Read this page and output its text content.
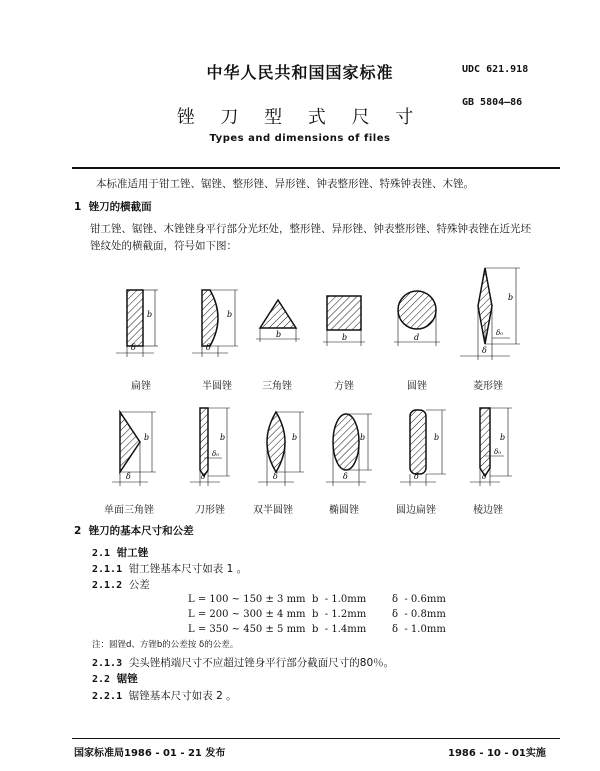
中华人民共和国国家标准	UDC 621.918
GB 5804—86
锉 刀 型 式 尺 寸
Types and dimensions of files
本标准适用于钳工锉、锯锉、整形锉、异形锉、钟表整形锉、特殊钟表锉、木锉。
1 锉刀的横截面
钳工锉、锯锉、木锉锉身平行部分光坯处，整形锉、异形锉、钟表整形锉、特殊钟表锉在近光坯
锉纹处的横截面，符号如下图：
b
δ
b
δ
b	b	d
b
δ
δ₀
扁锉	半圆锉	三角锉	方锉	圆锉	菱形锉
b
δ
b
δ
δ₀
b
δ
b
δ
b
δ
b
δ
δ₀
单面三角锉	刀形锉	双半圆锉	椭圆锉	圆边扁锉	棱边锉
2 锉刀的基本尺寸和公差
2.1 钳工锉
2.1.1 钳工锉基本尺寸如表 1 。
2.1.2 公差
L = 100 ~ 150 ± 3 mm b  - 1.0mm	δ  - 0.6mm
L = 200 ~ 300 ± 4 mm b  - 1.2mm	δ  - 0.8mm
L = 350 ~ 450 ± 5 mm b  - 1.4mm	δ  - 1.0mm
注：圆锉d、方锉b的公差按 δ的公差。
2.1.3 尖头锉梢端尺寸不应超过锉身平行部分截面尺寸的80％。
2.2 锯锉
2.2.1 锯锉基本尺寸如表 2 。
国家标准局1986 - 01 - 21 发布	1986 - 10 - 01实施
